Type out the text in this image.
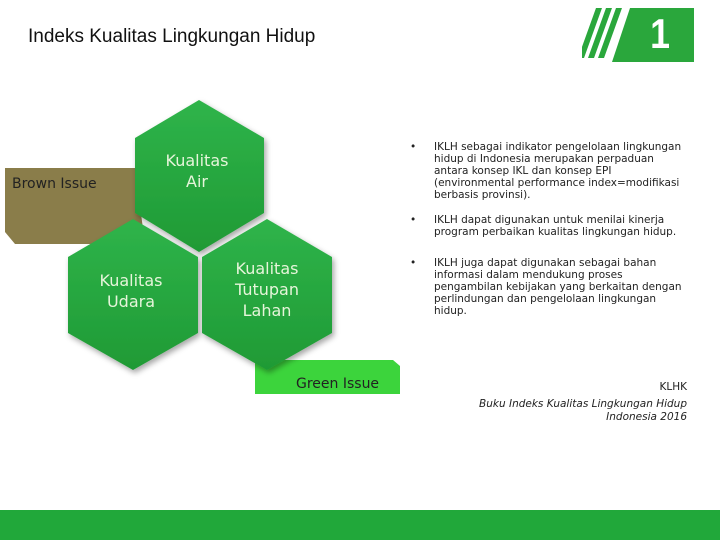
Indeks Kualitas Lingkungan Hidup	1
Brown Issue
Green Issue
Kualitas
Air
Kualitas
Udara
Kualitas
Tutupan
Lahan
•	IKLH sebagai indikator pengelolaan lingkungan hidup di Indonesia merupakan perpaduan antara konsep IKL dan konsep EPI (environmental performance index=modifikasi berbasis provinsi).
•	IKLH dapat digunakan untuk menilai kinerja program perbaikan kualitas lingkungan hidup.
•	IKLH juga dapat digunakan sebagai bahan informasi dalam mendukung proses pengambilan kebijakan yang berkaitan dengan perlindungan dan pengelolaan lingkungan hidup.
KLHK
Buku Indeks Kualitas Lingkungan Hidup
Indonesia 2016
